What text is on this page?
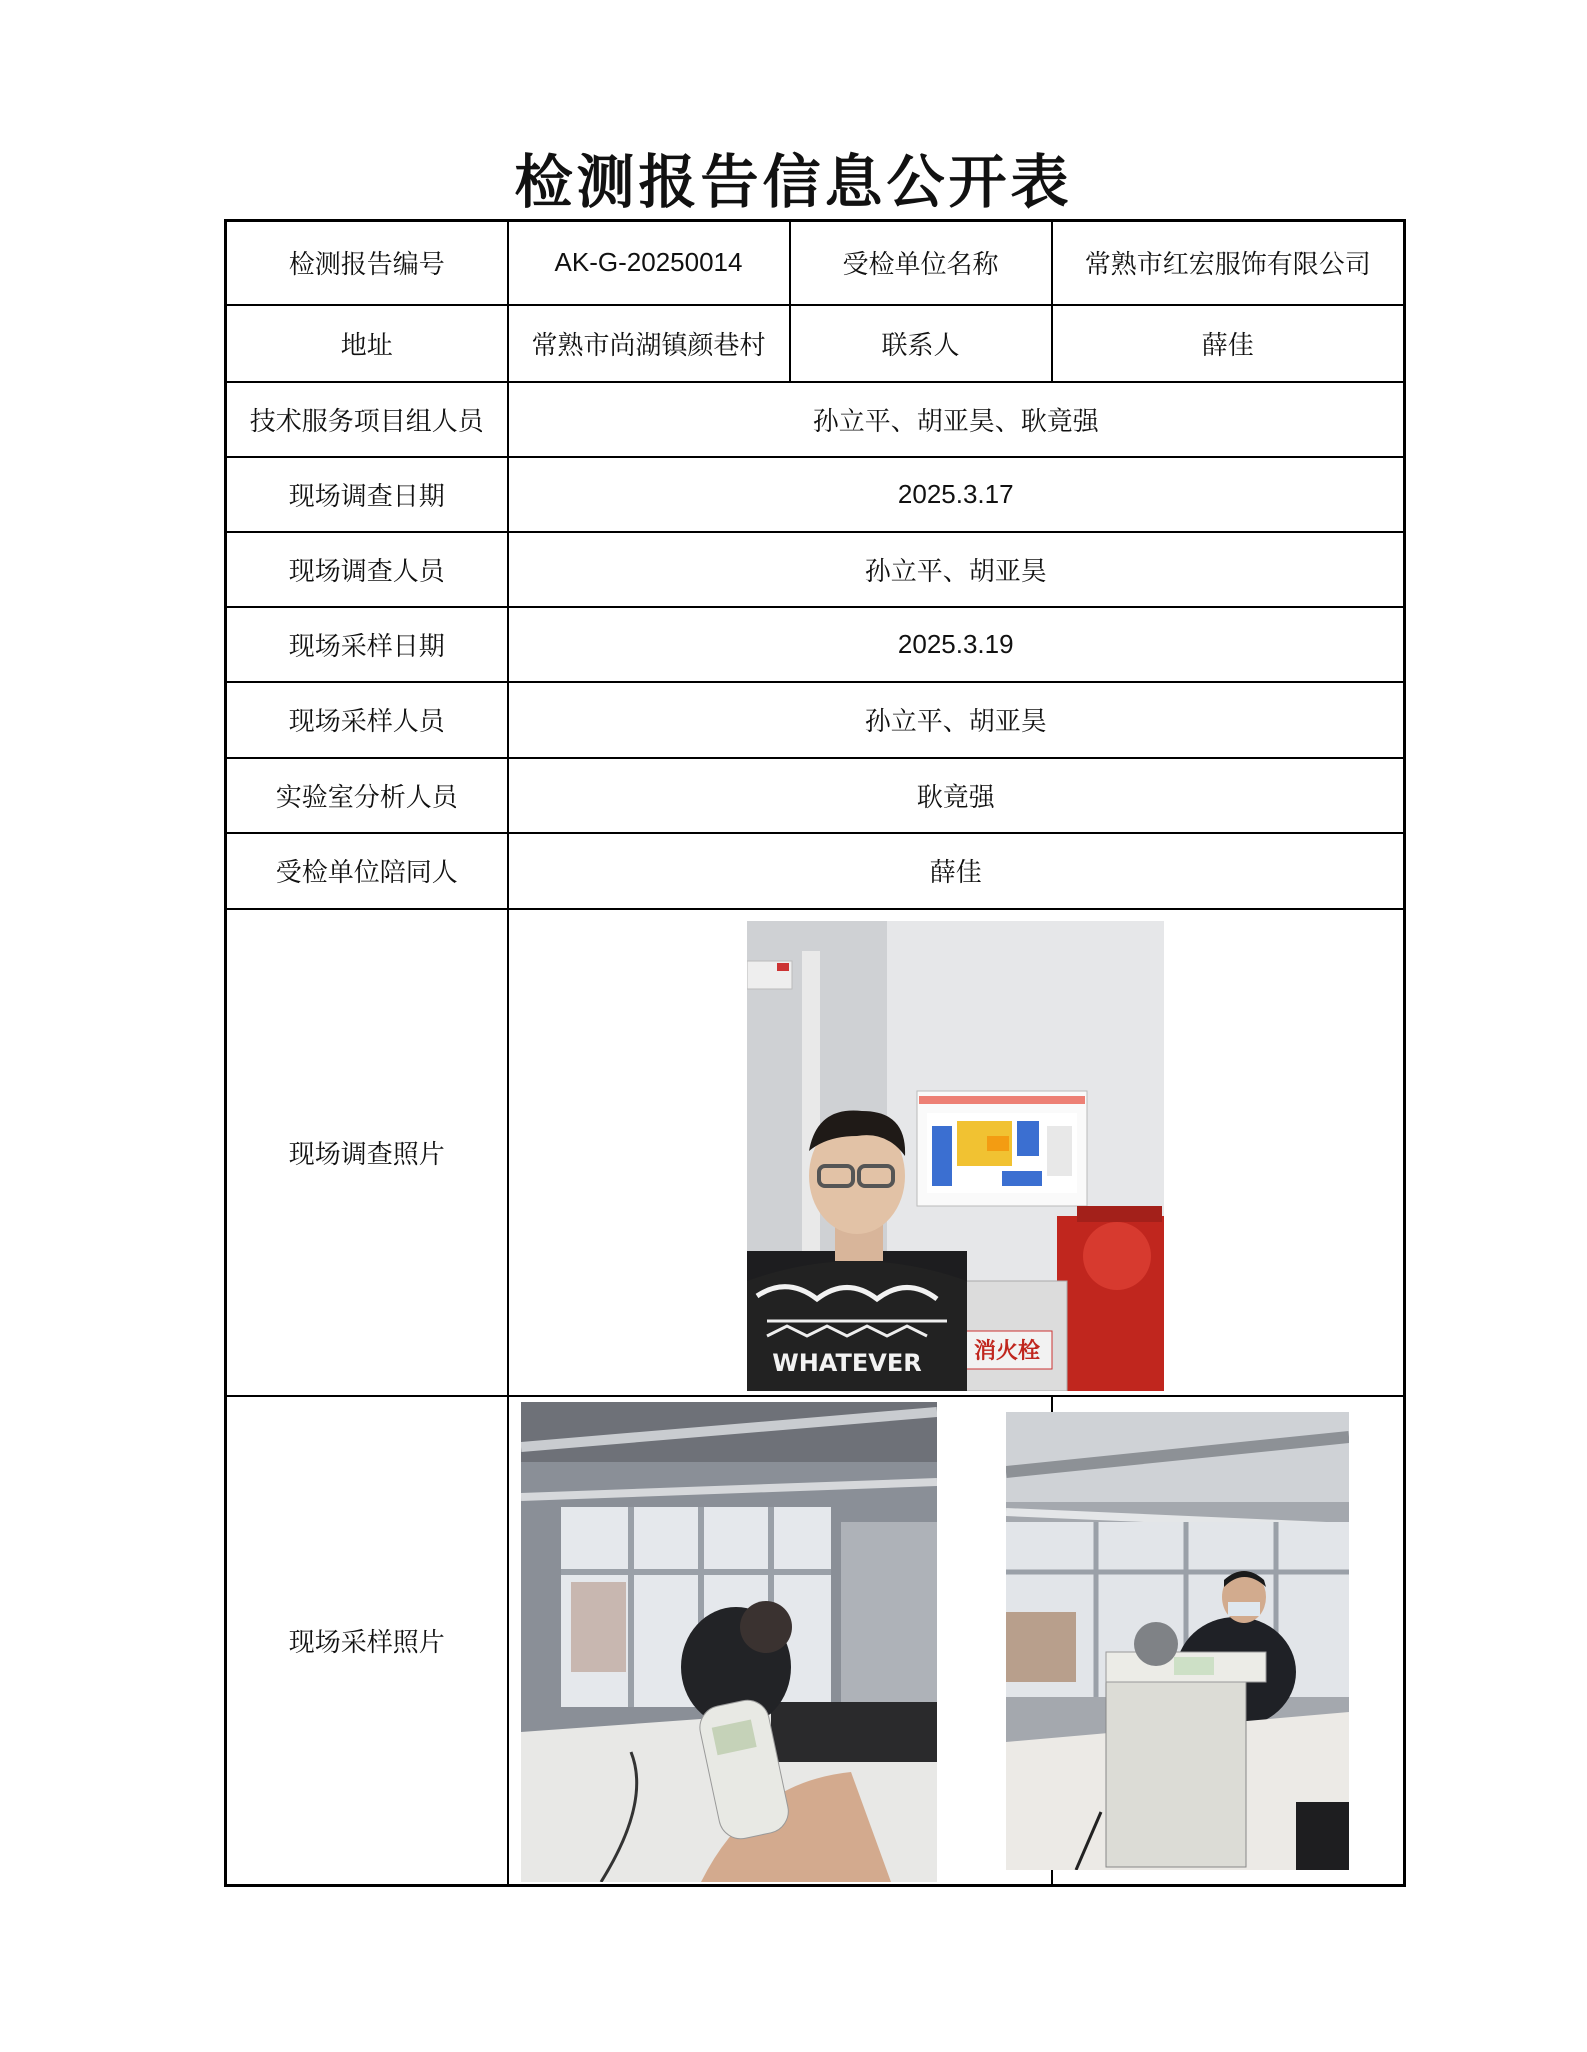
检测报告信息公开表
检测报告编号	AK-G-20250014	受检单位名称	常熟市红宏服饰有限公司
地址	常熟市尚湖镇颜巷村	联系人	薛佳
技术服务项目组人员	孙立平、胡亚昊、耿竟强		
现场调查日期	2025.3.17		
现场调查人员	孙立平、胡亚昊		
现场采样日期	2025.3.19		
现场采样人员	孙立平、胡亚昊		
实验室分析人员	耿竟强		
受检单位陪同人	薛佳		
现场调查照片			
现场采样照片			
消火栓
WHATEVER
